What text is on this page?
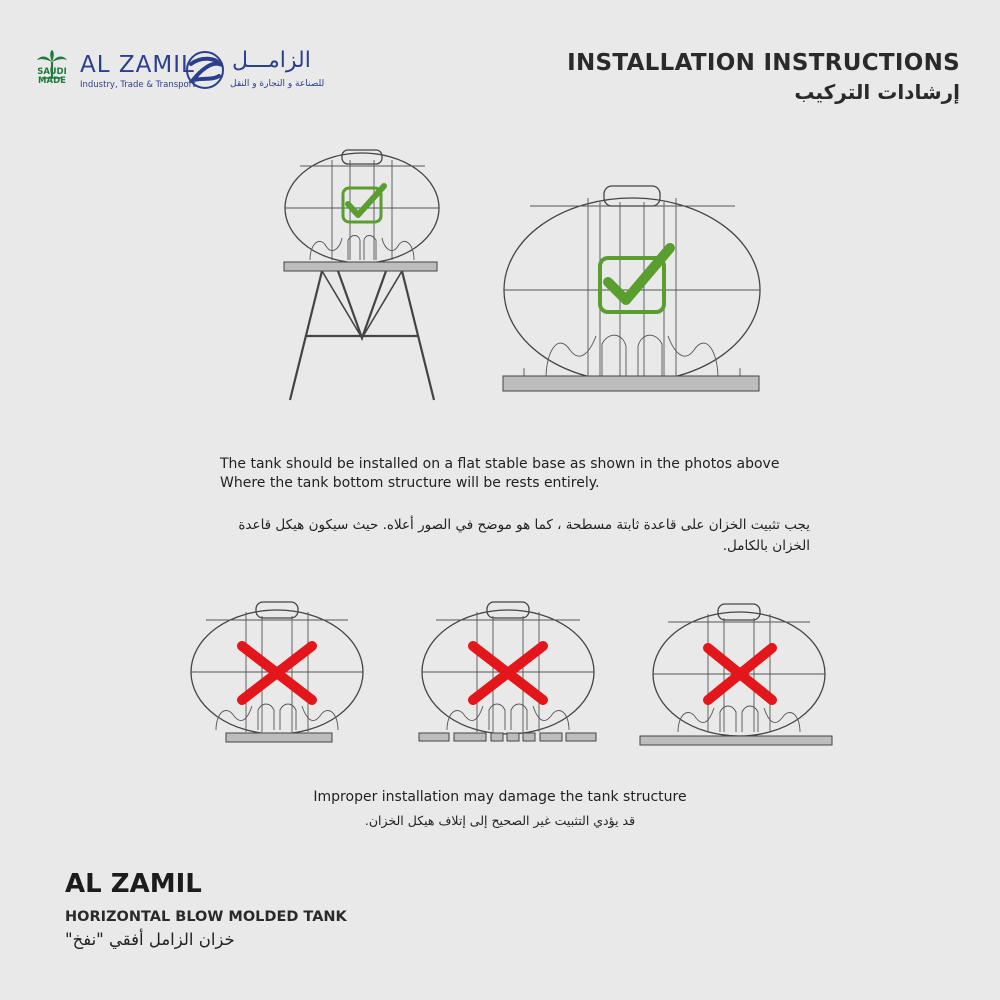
SAUDI
MADE
AL ZAMIL
Industry, Trade & Transport
الزامـــل
للصناعة و التجارة و النقل
INSTALLATION INSTRUCTIONS
إرشادات التركيب
The tank should be installed on a flat stable base as shown in the photos above
Where the tank bottom structure will be rests entirely.
يجب تثبيت الخزان على قاعدة ثابتة مسطحة ، كما هو موضح في الصور أعلاه. حيث سيكون هيكل قاعدة الخزان بالكامل.
Improper installation may damage the tank structure
قد يؤدي التثبيت غير الصحيح إلى إتلاف هيكل الخزان.
AL ZAMIL
HORIZONTAL BLOW MOLDED TANK
خزان الزامل أفقي "نفخ"
